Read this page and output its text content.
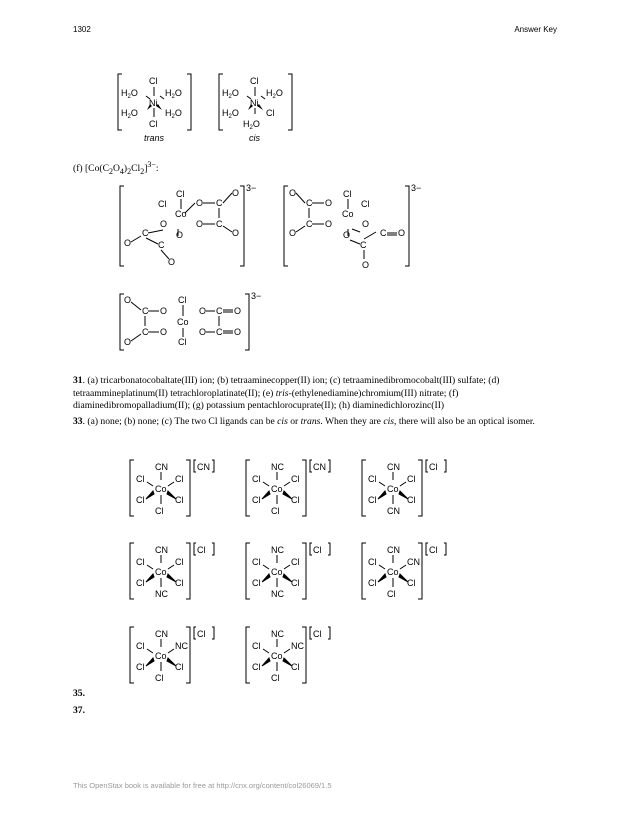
1302	Answer Key
Cl
Cl
Ni
$H_2O$	$H_2O$
$H_2O$	$H_2O$
trans
Cl
Ni
$H_2O$	$H_2O$
$H_2O$	Cl
$H_2O$
cis
(f) $[Co(C_2O_4)_2Cl_2]^{3-}$:
Cl
Cl
Co
O C
O
O C
O
O
C
O
O
C
O
3−
Cl
Cl
Co
O
C
O
O
C
O
O
C O
O
C
O
3−
Cl
Co
Cl
O
C
O
O
C
O
O C O
O C O
3−
31. (a) tricarbonatocobaltate(III) ion; (b) tetraaminecopper(II) ion; (c) tetraaminedibromocobalt(III) sulfate; (d) tetraammineplatinum(II) tetrachloroplatinate(II); (e) tris-(ethylenediamine)chromium(III) nitrate; (f) diaminedibromopalladium(II); (g) potassium pentachlorocuprate(II); (h) diaminedichlorozinc(II)
33. (a) none; (b) none; (c) The two Cl ligands can be cis or trans. When they are cis, there will also be an optical isomer.
CN
CN
Cl	Cl
Co
Cl	Cl
Cl
CN
NC
Cl	Cl
Co
Cl	Cl
Cl
Cl
CN
Cl	Cl
Co
Cl	Cl
CN
Cl
CN
Cl	Cl
Co
Cl	Cl
NC
Cl
NC
Cl	Cl
Co
Cl	Cl
NC
Cl
CN
Cl	CN
Co
Cl	Cl
Cl
Cl
CN
Cl	NC
Co
Cl	Cl
Cl
Cl
NC
Cl	NC
Co
Cl	Cl
Cl
35.
37.
This OpenStax book is available for free at http://cnx.org/content/col26069/1.5
